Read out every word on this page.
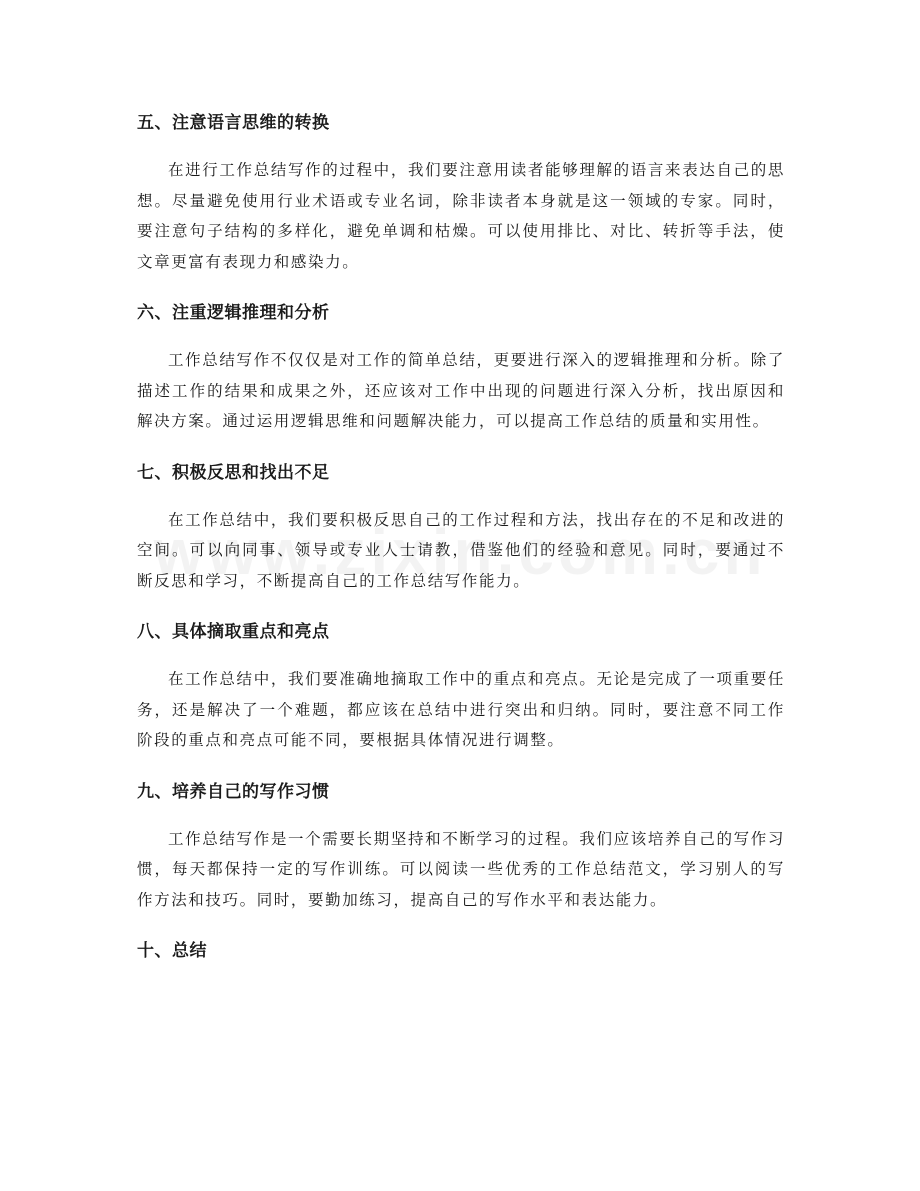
五、注意语言思维的转换

在进行工作总结写作的过程中，我们要注意用读者能够理解的语言来表达自己的思想。尽量避免使用行业术语或专业名词，除非读者本身就是这一领域的专家。同时，要注意句子结构的多样化，避免单调和枯燥。可以使用排比、对比、转折等手法，使文章更富有表现力和感染力。

六、注重逻辑推理和分析

工作总结写作不仅仅是对工作的简单总结，更要进行深入的逻辑推理和分析。除了描述工作的结果和成果之外，还应该对工作中出现的问题进行深入分析，找出原因和解决方案。通过运用逻辑思维和问题解决能力，可以提高工作总结的质量和实用性。

七、积极反思和找出不足

在工作总结中，我们要积极反思自己的工作过程和方法，找出存在的不足和改进的空间。可以向同事、领导或专业人士请教，借鉴他们的经验和意见。同时，要通过不断反思和学习，不断提高自己的工作总结写作能力。

八、具体摘取重点和亮点

在工作总结中，我们要准确地摘取工作中的重点和亮点。无论是完成了一项重要任务，还是解决了一个难题，都应该在总结中进行突出和归纳。同时，要注意不同工作阶段的重点和亮点可能不同，要根据具体情况进行调整。

九、培养自己的写作习惯

工作总结写作是一个需要长期坚持和不断学习的过程。我们应该培养自己的写作习惯，每天都保持一定的写作训练。可以阅读一些优秀的工作总结范文，学习别人的写作方法和技巧。同时，要勤加练习，提高自己的写作水平和表达能力。

十、总结
